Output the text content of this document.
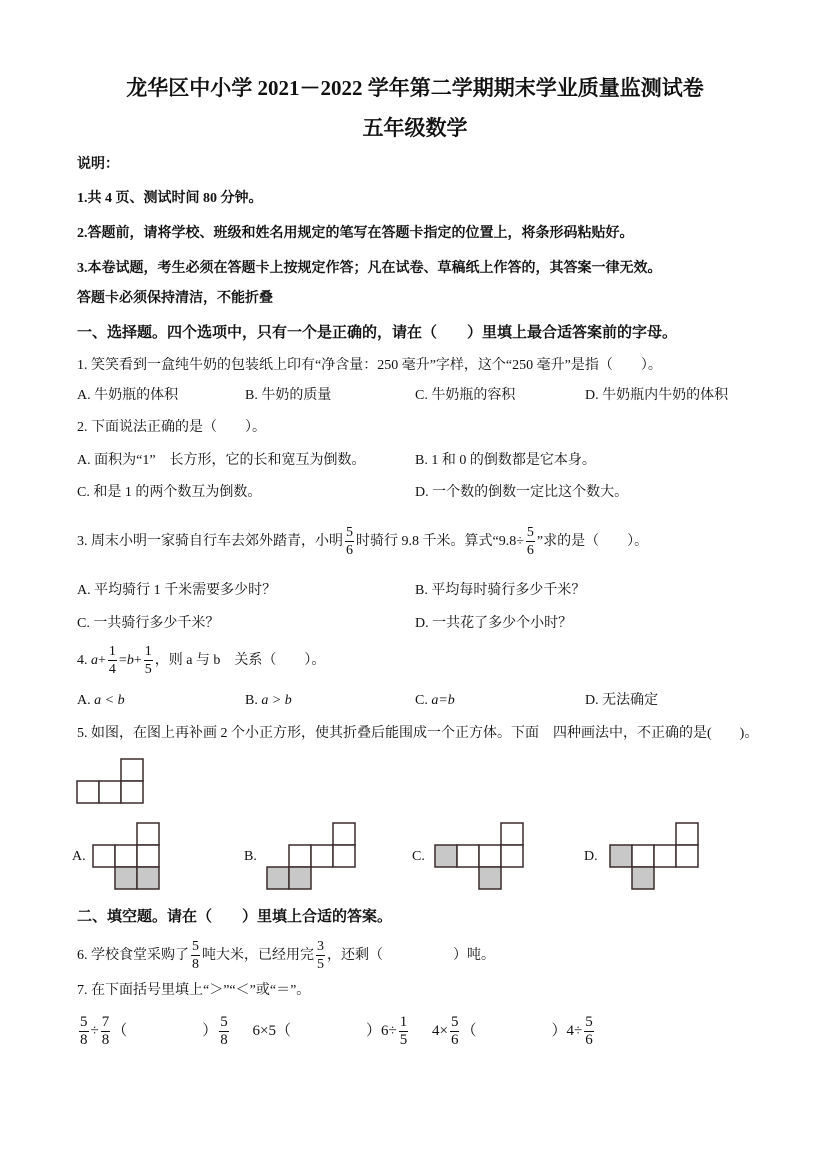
龙华区中小学 2021－2022 学年第二学期期末学业质量监测试卷
五年级数学
说明：
1.共 4 页、测试时间 80 分钟。
2.答题前，请将学校、班级和姓名用规定的笔写在答题卡指定的位置上，将条形码粘贴好。
3.本卷试题，考生必须在答题卡上按规定作答；凡在试卷、草稿纸上作答的，其答案一律无效。
答题卡必须保持清洁，不能折叠
一、选择题。四个选项中，只有一个是正确的，请在（　　）里填上最合适答案前的字母。
1. 笑笑看到一盒纯牛奶的包装纸上印有“净含量：250 毫升”字样，这个“250 毫升”是指（　　）。
A. 牛奶瓶的体积	B. 牛奶的质量	C. 牛奶瓶的容积	D. 牛奶瓶内牛奶的体积
2. 下面说法正确的是（　　）。
A. 面积为“1”　长方形，它的长和宽互为倒数。	B. 1 和 0 的倒数都是它本身。
C. 和是 1 的两个数互为倒数。	D. 一个数的倒数一定比这个数大。
3. 周末小明一家骑自行车去郊外踏青，小明 $\frac{5}{6}$ 时骑行 9.8 千米。算式“$9.8\div \frac{5}{6}$ ”求的是（　　）。
A. 平均骑行 1 千米需要多少时？	B. 平均每时骑行多少千米？
C. 一共骑行多少千米？	D. 一共花了多少个小时？
4. $a+ \frac{1}{4} =b+ \frac{1}{5}$ ，则 a 与 b　关系（　　）。
A. a < b	B. a > b	C. a=b	D. 无法确定
5. 如图，在图上再补画 2 个小正方形，使其折叠后能围成一个正方体。下面　四种画法中，不正确的是(　　)。
A.	B.	C.	D.
二、填空题。请在（　　）里填上合适的答案。
6. 学校食堂采购了 $\frac{5}{8}$ 吨大米，已经用完 $\frac{3}{5}$ ，还剩（　　　　　）吨。
7. 在下面括号里填上“＞”“＜”或“＝”。
$\frac{5}{8} \div \frac{7}{8}$ （　　　　　） $\frac{5}{8} 6\times 5$（　　　　　）$6\div \frac{1}{5} 4\times \frac{5}{6}$ （　　　　　）$4\div \frac{5}{6}$
